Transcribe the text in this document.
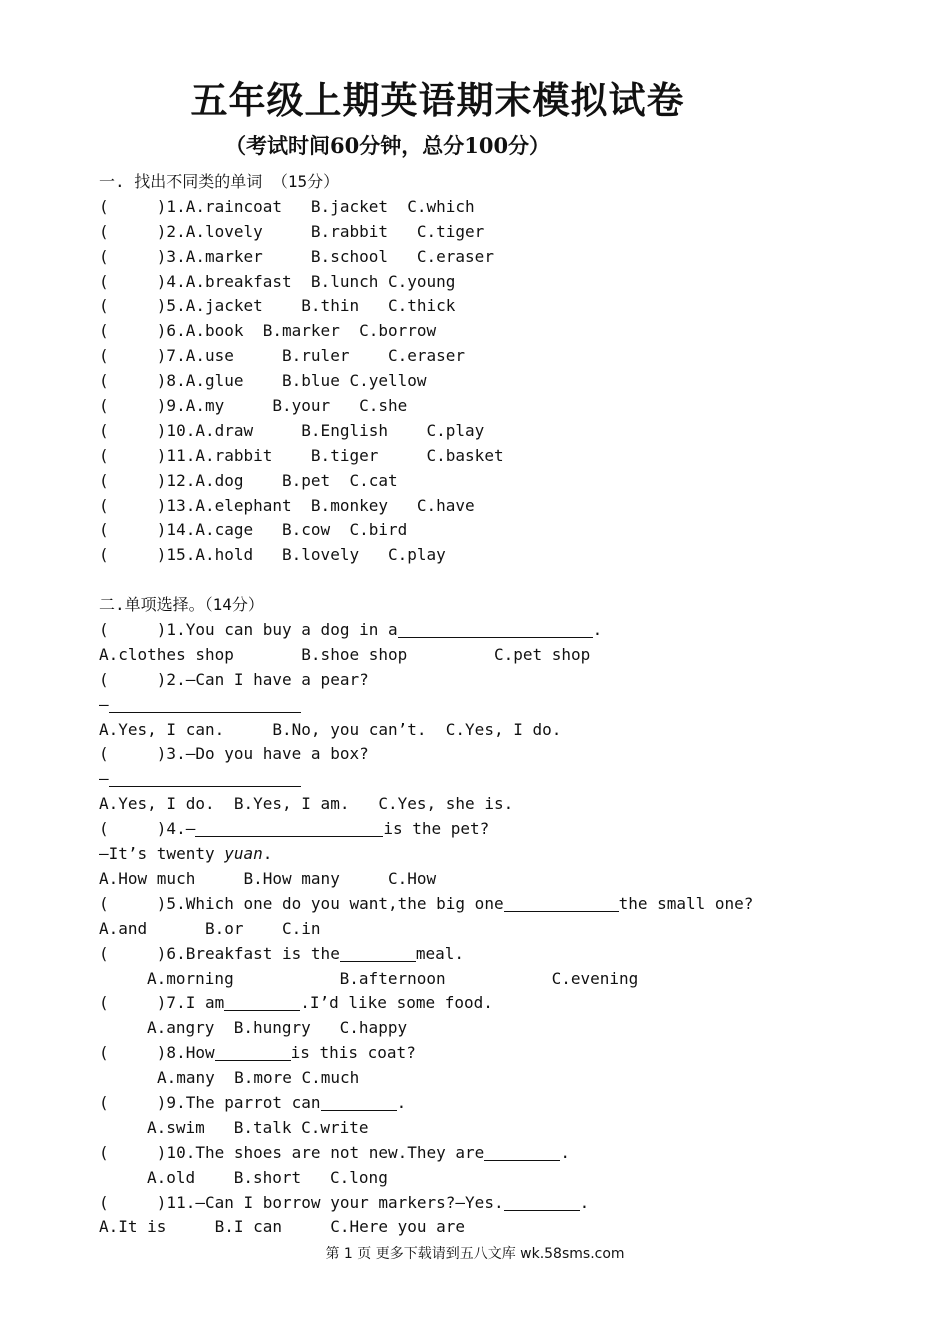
五年级上期英语期末模拟试卷
（考试时间60分钟，总分100分）
一. 找出不同类的单词 （15分）
(     )1.A.raincoat   B.jacket  C.which
(     )2.A.lovely     B.rabbit   C.tiger
(     )3.A.marker     B.school   C.eraser
(     )4.A.breakfast  B.lunch C.young
(     )5.A.jacket    B.thin   C.thick
(     )6.A.book  B.marker  C.borrow
(     )7.A.use     B.ruler    C.eraser
(     )8.A.glue    B.blue C.yellow
(     )9.A.my     B.your   C.she
(     )10.A.draw     B.English    C.play
(     )11.A.rabbit    B.tiger     C.basket
(     )12.A.dog    B.pet  C.cat
(     )13.A.elephant  B.monkey   C.have
(     )14.A.cage   B.cow  C.bird
(     )15.A.hold   B.lovely   C.play
二.单项选择。（14分）
(     )1.You can buy a dog in a	.
A.clothes shop       B.shoe shop         C.pet shop
(     )2.—Can I have a pear?
—
A.Yes, I can.     B.No, you can’t.  C.Yes, I do.
(     )3.—Do you have a box?
—
A.Yes, I do.  B.Yes, I am.   C.Yes, she is.
(     )4.—	is the pet?
—It’s twenty yuan.
A.How much     B.How many     C.How
(     )5.Which one do you want,the big one	the small one?
A.and      B.or    C.in
(     )6.Breakfast is the	meal.
A.morning           B.afternoon           C.evening
(     )7.I am	.I’d like some food.
A.angry  B.hungry   C.happy
(     )8.How	is this coat?
A.many  B.more C.much
(     )9.The parrot can	.
A.swim   B.talk C.write
(     )10.The shoes are not new.They are	.
A.old    B.short   C.long
(     )11.—Can I borrow your markers?—Yes.	.
A.It is     B.I can     C.Here you are
第 1 页 更多下载请到五八文库 wk.58sms.com
